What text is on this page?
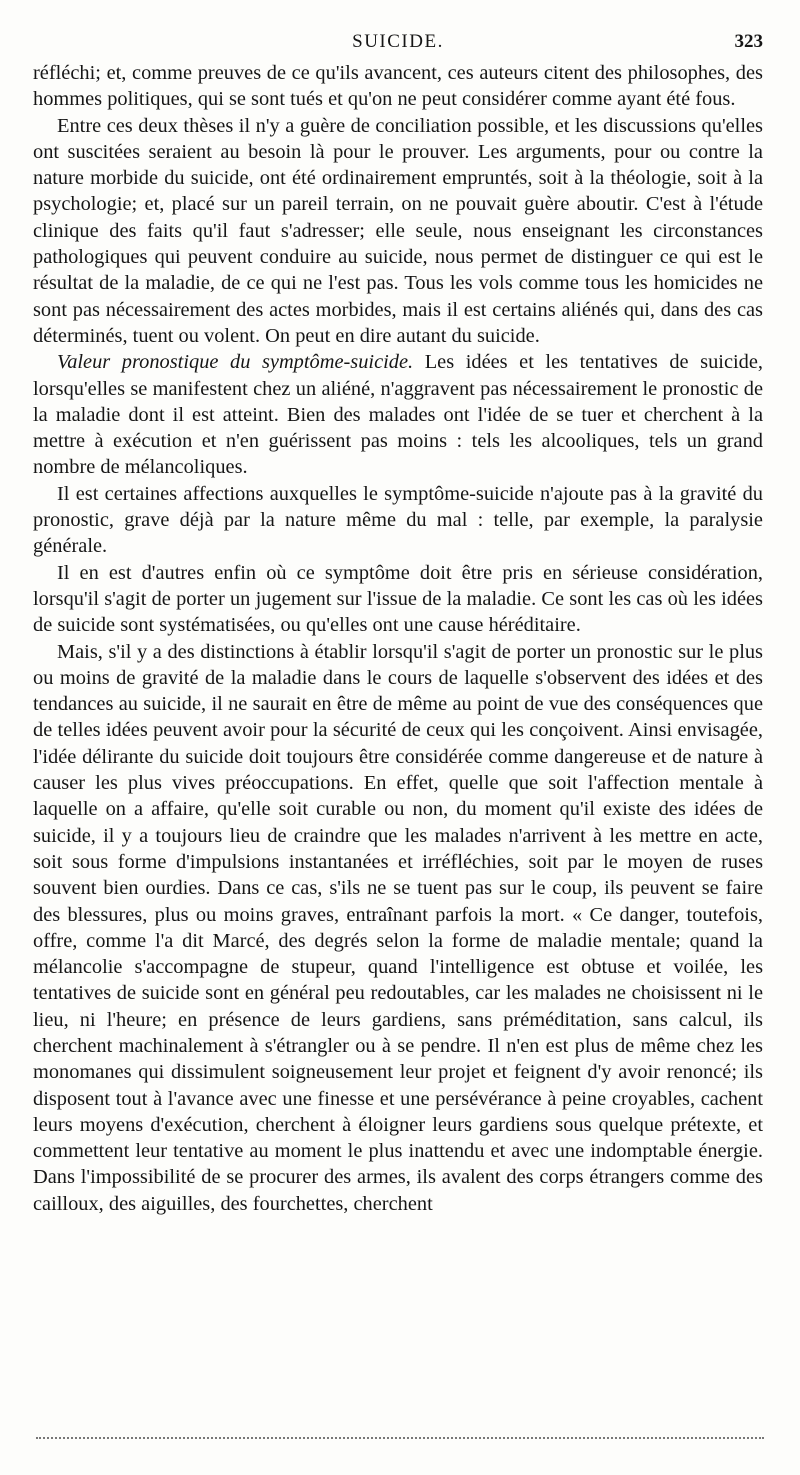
SUICIDE.	323

réfléchi; et, comme preuves de ce qu'ils avancent, ces auteurs citent des philosophes, des hommes politiques, qui se sont tués et qu'on ne peut considérer comme ayant été fous.

Entre ces deux thèses il n'y a guère de conciliation possible, et les discussions qu'elles ont suscitées seraient au besoin là pour le prouver. Les arguments, pour ou contre la nature morbide du suicide, ont été ordinairement empruntés, soit à la théologie, soit à la psychologie; et, placé sur un pareil terrain, on ne pouvait guère aboutir. C'est à l'étude clinique des faits qu'il faut s'adresser; elle seule, nous enseignant les circonstances pathologiques qui peuvent conduire au suicide, nous permet de distinguer ce qui est le résultat de la maladie, de ce qui ne l'est pas. Tous les vols comme tous les homicides ne sont pas nécessairement des actes morbides, mais il est certains aliénés qui, dans des cas déterminés, tuent ou volent. On peut en dire autant du suicide.

Valeur pronostique du symptôme-suicide. Les idées et les tentatives de suicide, lorsqu'elles se manifestent chez un aliéné, n'aggravent pas nécessairement le pronostic de la maladie dont il est atteint. Bien des malades ont l'idée de se tuer et cherchent à la mettre à exécution et n'en guérissent pas moins : tels les alcooliques, tels un grand nombre de mélancoliques.

Il est certaines affections auxquelles le symptôme-suicide n'ajoute pas à la gravité du pronostic, grave déjà par la nature même du mal : telle, par exemple, la paralysie générale.

Il en est d'autres enfin où ce symptôme doit être pris en sérieuse considération, lorsqu'il s'agit de porter un jugement sur l'issue de la maladie. Ce sont les cas où les idées de suicide sont systématisées, ou qu'elles ont une cause héréditaire.

Mais, s'il y a des distinctions à établir lorsqu'il s'agit de porter un pronostic sur le plus ou moins de gravité de la maladie dans le cours de laquelle s'observent des idées et des tendances au suicide, il ne saurait en être de même au point de vue des conséquences que de telles idées peuvent avoir pour la sécurité de ceux qui les conçoivent. Ainsi envisagée, l'idée délirante du suicide doit toujours être considérée comme dangereuse et de nature à causer les plus vives préoccupations. En effet, quelle que soit l'affection mentale à laquelle on a affaire, qu'elle soit curable ou non, du moment qu'il existe des idées de suicide, il y a toujours lieu de craindre que les malades n'arrivent à les mettre en acte, soit sous forme d'impulsions instantanées et irréfléchies, soit par le moyen de ruses souvent bien ourdies. Dans ce cas, s'ils ne se tuent pas sur le coup, ils peuvent se faire des blessures, plus ou moins graves, entraînant parfois la mort. « Ce danger, toutefois, offre, comme l'a dit Marcé, des degrés selon la forme de maladie mentale; quand la mélancolie s'accompagne de stupeur, quand l'intelligence est obtuse et voilée, les tentatives de suicide sont en général peu redoutables, car les malades ne choisissent ni le lieu, ni l'heure; en présence de leurs gardiens, sans préméditation, sans calcul, ils cherchent machinalement à s'étrangler ou à se pendre. Il n'en est plus de même chez les monomanes qui dissimulent soigneusement leur projet et feignent d'y avoir renoncé; ils disposent tout à l'avance avec une finesse et une persévérance à peine croyables, cachent leurs moyens d'exécution, cherchent à éloigner leurs gardiens sous quelque prétexte, et commettent leur tentative au moment le plus inattendu et avec une indomptable énergie. Dans l'impossibilité de se procurer des armes, ils avalent des corps étrangers comme des cailloux, des aiguilles, des fourchettes, cherchent
